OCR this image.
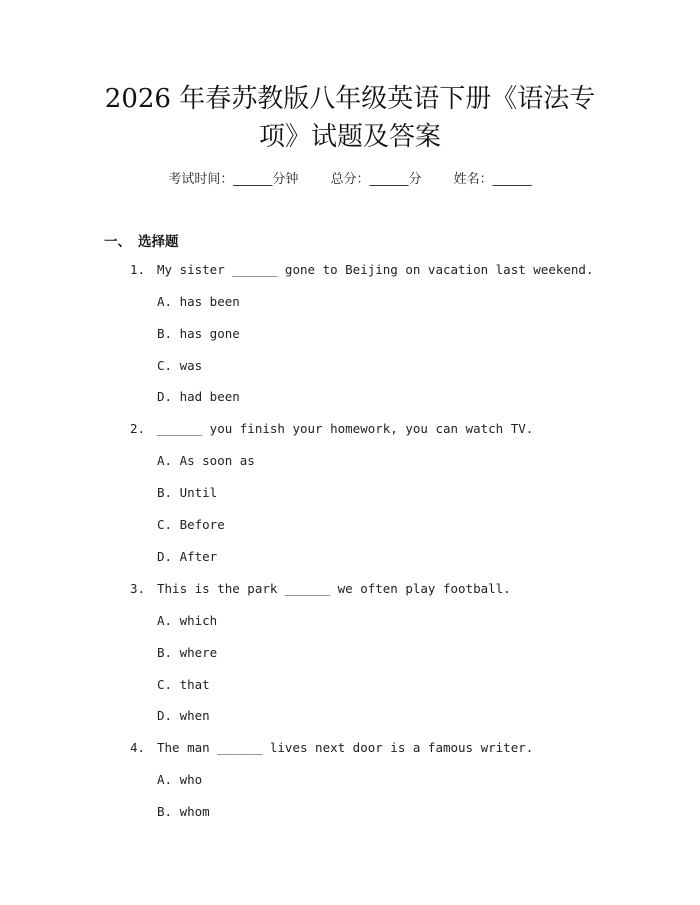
2026 年春苏教版八年级英语下册《语法专
项》试题及答案
考试时间：______分钟 总分：______分 姓名：______
一、 选择题
1. My sister ______ gone to Beijing on vacation last weekend.
A. has been
B. has gone
C. was
D. had been
2. ______ you finish your homework, you can watch TV.
A. As soon as
B. Until
C. Before
D. After
3. This is the park ______ we often play football.
A. which
B. where
C. that
D. when
4. The man ______ lives next door is a famous writer.
A. who
B. whom
